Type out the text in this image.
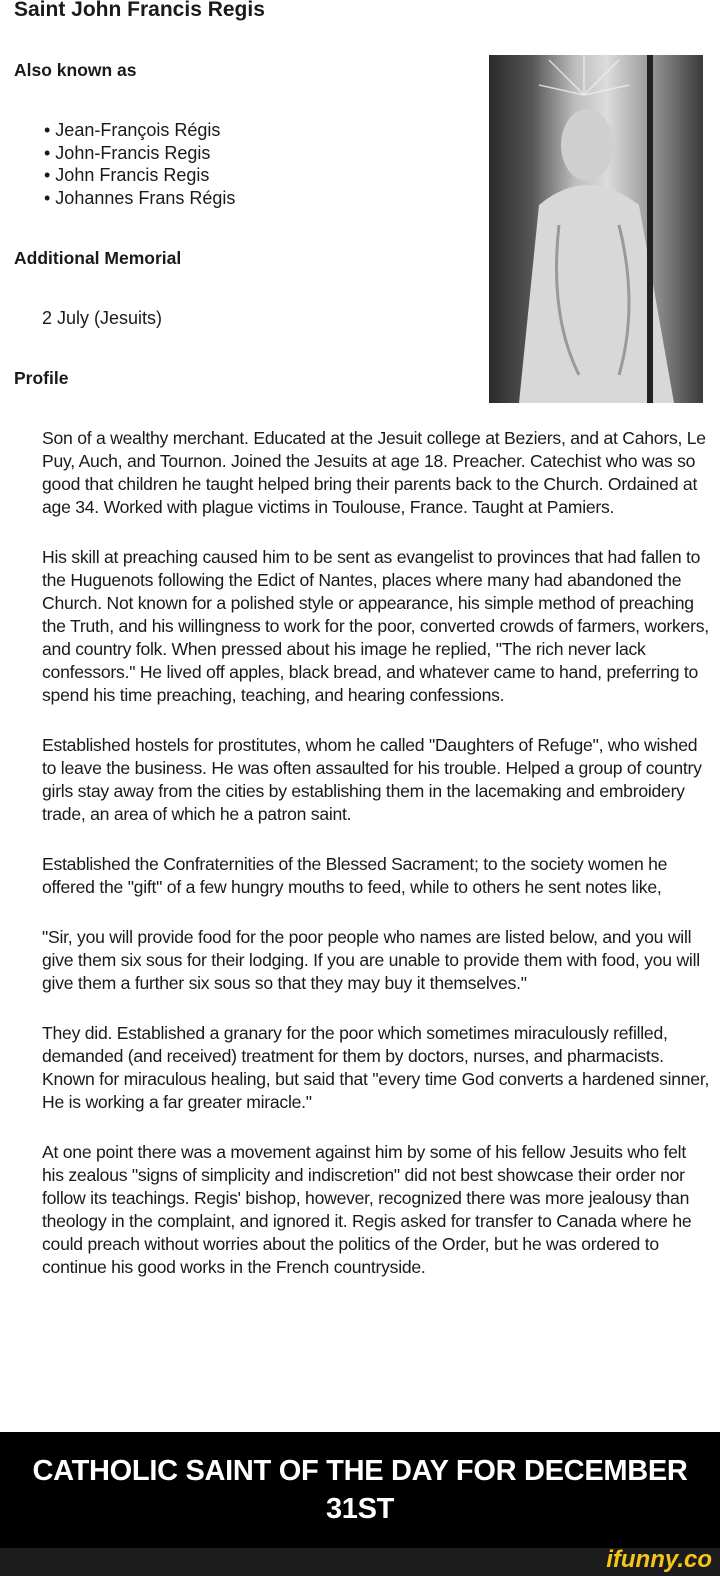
Saint John Francis Regis
Also known as
• Jean-François Régis
• John-Francis Regis
• John Francis Regis
• Johannes Frans Régis
Additional Memorial
2 July (Jesuits)
Profile

Son of a wealthy merchant. Educated at the Jesuit college at Beziers, and at Cahors, Le Puy, Auch, and Tournon. Joined the Jesuits at age 18. Preacher. Catechist who was so good that children he taught helped bring their parents back to the Church. Ordained at age 34. Worked with plague victims in Toulouse, France. Taught at Pamiers.

His skill at preaching caused him to be sent as evangelist to provinces that had fallen to the Huguenots following the Edict of Nantes, places where many had abandoned the Church. Not known for a polished style or appearance, his simple method of preaching the Truth, and his willingness to work for the poor, converted crowds of farmers, workers, and country folk. When pressed about his image he replied, "The rich never lack confessors." He lived off apples, black bread, and whatever came to hand, preferring to spend his time preaching, teaching, and hearing confessions.

Established hostels for prostitutes, whom he called "Daughters of Refuge", who wished to leave the business. He was often assaulted for his trouble. Helped a group of country girls stay away from the cities by establishing them in the lacemaking and embroidery trade, an area of which he a patron saint.

Established the Confraternities of the Blessed Sacrament; to the society women he offered the "gift" of a few hungry mouths to feed, while to others he sent notes like,

"Sir, you will provide food for the poor people who names are listed below, and you will give them six sous for their lodging. If you are unable to provide them with food, you will give them a further six sous so that they may buy it themselves."

They did. Established a granary for the poor which sometimes miraculously refilled, demanded (and received) treatment for them by doctors, nurses, and pharmacists. Known for miraculous healing, but said that "every time God converts a hardened sinner, He is working a far greater miracle."

At one point there was a movement against him by some of his fellow Jesuits who felt his zealous "signs of simplicity and indiscretion" did not best showcase their order nor follow its teachings. Regis' bishop, however, recognized there was more jealousy than theology in the complaint, and ignored it. Regis asked for transfer to Canada where he could preach without worries about the politics of the Order, but he was ordered to continue his good works in the French countryside.

CATHOLIC SAINT OF THE DAY FOR DECEMBER 31ST
ifunny.co
